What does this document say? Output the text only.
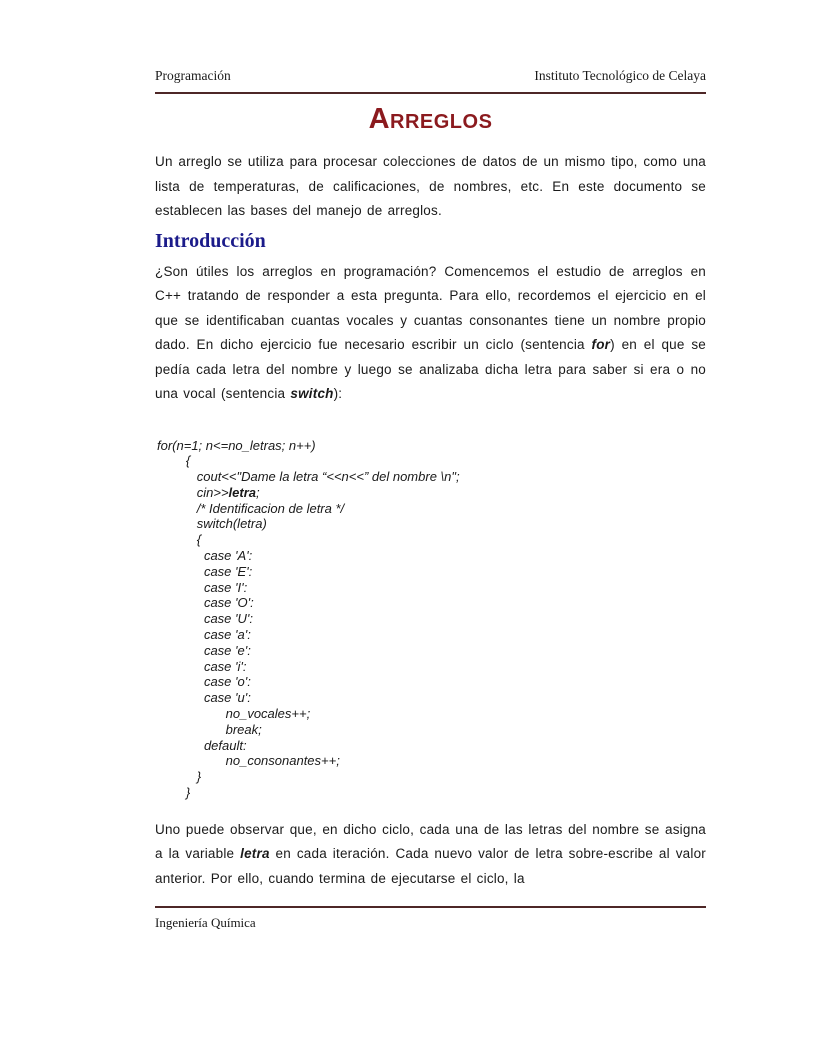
Programación	Instituto Tecnológico de Celaya
Arreglos

Un arreglo se utiliza para procesar colecciones de datos de un mismo tipo, como una lista de temperaturas, de calificaciones, de nombres, etc. En este documento se establecen las bases del manejo de arreglos.

Introducción

¿Son útiles los arreglos en programación? Comencemos el estudio de arreglos en C++ tratando de responder a esta pregunta. Para ello, recordemos el ejercicio en el que se identificaban cuantas vocales y cuantas consonantes tiene un nombre propio dado. En dicho ejercicio fue necesario escribir un ciclo (sentencia for) en el que se pedía cada letra del nombre y luego se analizaba dicha letra para saber si era o no una vocal (sentencia switch):

for(n=1; n<=no_letras; n++)
{
cout<<"Dame la letra “<<n<<” del nombre \n";
cin>>letra;
/* Identificacion de letra */
switch(letra)
{
case 'A':
case 'E':
case 'I':
case 'O':
case 'U':
case 'a':
case 'e':
case 'i':
case 'o':
case 'u':
no_vocales++;
break;
default:
no_consonantes++;
}
}

Uno puede observar que, en dicho ciclo, cada una de las letras del nombre se asigna a la variable letra en cada iteración. Cada nuevo valor de letra sobre-escribe al valor anterior. Por ello, cuando termina de ejecutarse el ciclo, la

Ingeniería Química
